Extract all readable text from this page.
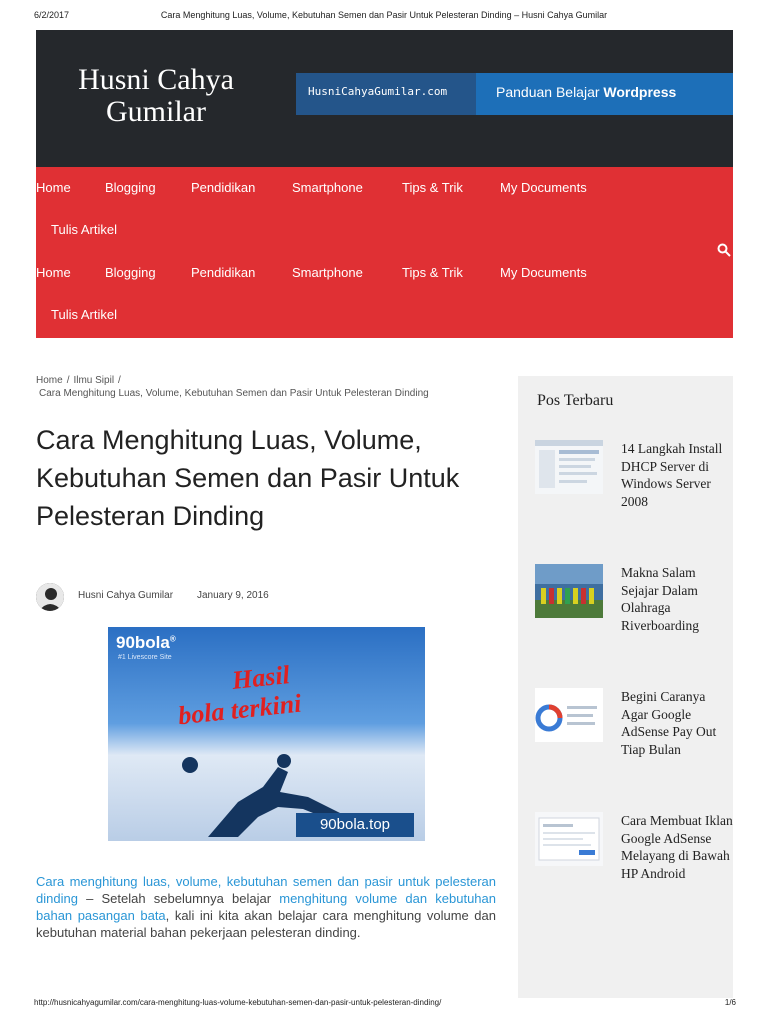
6/2/2017	Cara Menghitung Luas, Volume, Kebutuhan Semen dan Pasir Untuk Pelesteran Dinding – Husni Cahya Gumilar
Husni Cahya
Gumilar
HusniCahyaGumilar.com	Panduan Belajar Wordpress
Home	Blogging	Pendidikan	Smartphone	Tips & Trik	My Documents
Tulis Artikel
Home	Blogging	Pendidikan	Smartphone	Tips & Trik	My Documents
Tulis Artikel
Home / Ilmu Sipil /
Cara Menghitung Luas, Volume, Kebutuhan Semen dan Pasir Untuk Pelesteran Dinding
Cara Menghitung Luas, Volume, Kebutuhan Semen dan Pasir Untuk Pelesteran Dinding
Husni Cahya Gumilar January 9, 2016
90bola®
#1 Livescore Site
Hasil
bola terkini
90bola.top

Cara menghitung luas, volume, kebutuhan semen dan pasir untuk pelesteran dinding – Setelah sebelumnya belajar menghitung volume dan kebutuhan bahan pasangan bata, kali ini kita akan belajar cara menghitung volume dan kebutuhan material bahan pekerjaan pelesteran dinding.

Pos Terbaru
14 Langkah Install DHCP Server di Windows Server 2008
Makna Salam Sejajar Dalam Olahraga Riverboarding
Begini Caranya Agar Google AdSense Pay Out Tiap Bulan
Cara Membuat Iklan Google AdSense Melayang di Bawah HP Android
http://husnicahyagumilar.com/cara-menghitung-luas-volume-kebutuhan-semen-dan-pasir-untuk-pelesteran-dinding/	1/6
